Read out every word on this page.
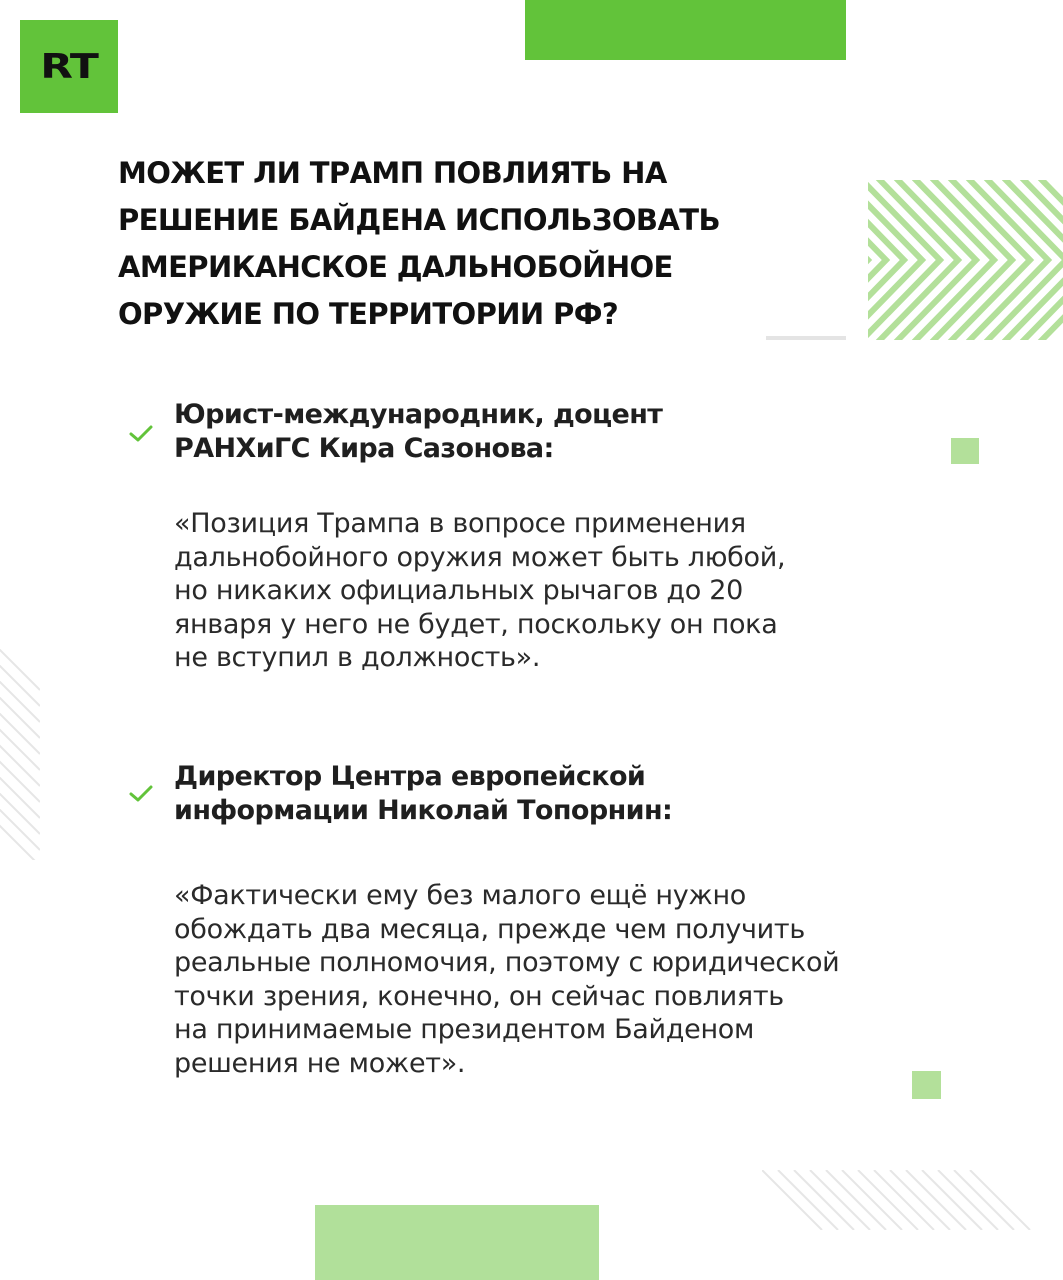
RT
МОЖЕТ ЛИ ТРАМП ПОВЛИЯТЬ НА
РЕШЕНИЕ БАЙДЕНА ИСПОЛЬЗОВАТЬ
АМЕРИКАНСКОЕ ДАЛЬНОБОЙНОЕ
ОРУЖИЕ ПО ТЕРРИТОРИИ РФ?

Юрист-международник, доцент
РАНХиГС Кира Сазонова:

«Позиция Трампа в вопросе применения
дальнобойного оружия может быть любой,
но никаких официальных рычагов до 20
января у него не будет, поскольку он пока
не вступил в должность».

Директор Центра европейской
информации Николай Топорнин:

«Фактически ему без малого ещё нужно
обождать два месяца, прежде чем получить
реальные полномочия, поэтому с юридической
точки зрения, конечно, он сейчас повлиять
на принимаемые президентом Байденом
решения не может».
